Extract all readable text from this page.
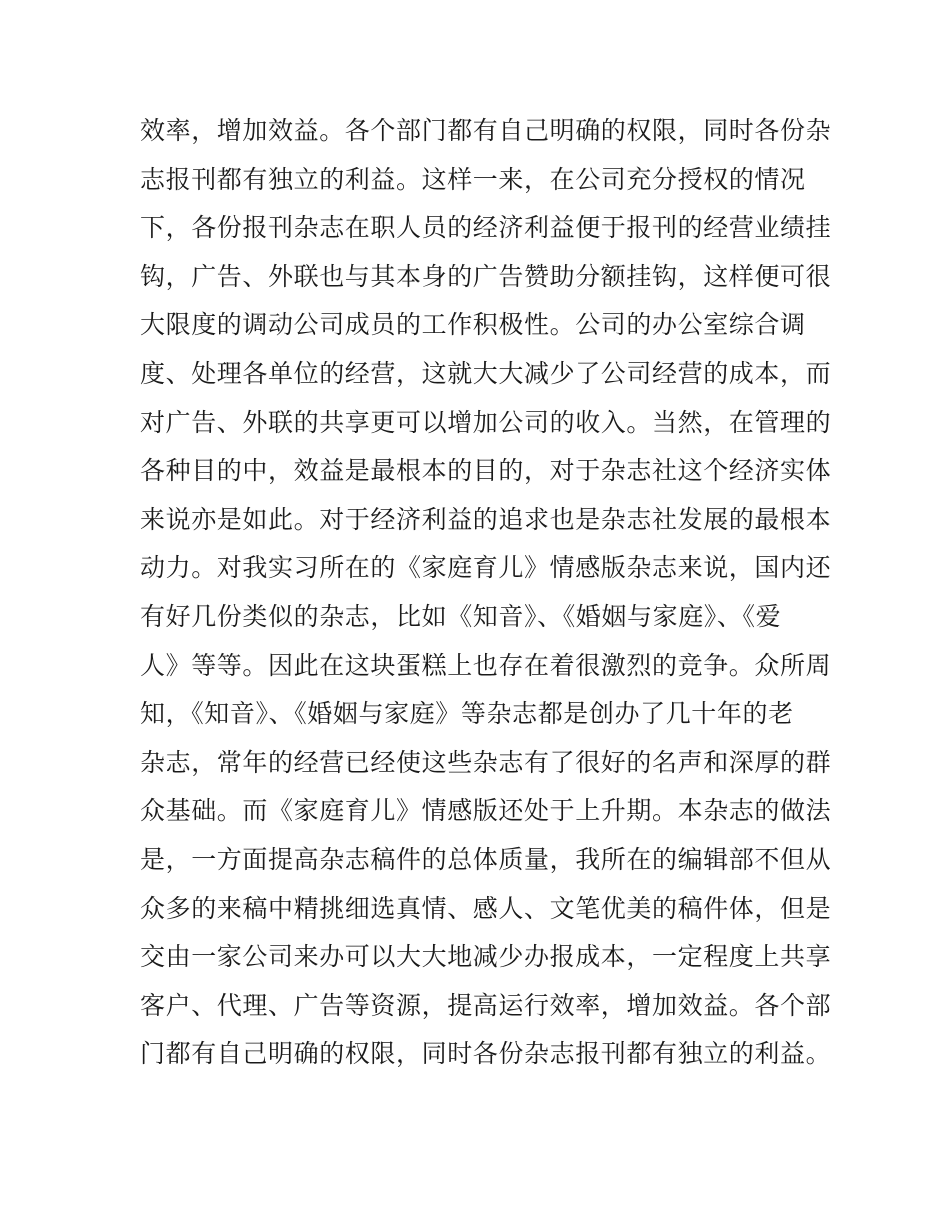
效率，增加效益。各个部门都有自己明确的权限，同时各份杂
志报刊都有独立的利益。这样一来，在公司充分授权的情况
下，各份报刊杂志在职人员的经济利益便于报刊的经营业绩挂
钩，广告、外联也与其本身的广告赞助分额挂钩，这样便可很
大限度的调动公司成员的工作积极性。公司的办公室综合调
度、处理各单位的经营，这就大大减少了公司经营的成本，而
对广告、外联的共享更可以增加公司的收入。当然，在管理的
各种目的中，效益是最根本的目的，对于杂志社这个经济实体
来说亦是如此。对于经济利益的追求也是杂志社发展的最根本
动力。对我实习所在的《家庭育儿》情感版杂志来说，国内还
有好几份类似的杂志，比如《知音》、《婚姻与家庭》、《爱
人》等等。因此在这块蛋糕上也存在着很激烈的竞争。众所周
知，《知音》、《婚姻与家庭》等杂志都是创办了几十年的老
杂志，常年的经营已经使这些杂志有了很好的名声和深厚的群
众基础。而《家庭育儿》情感版还处于上升期。本杂志的做法
是，一方面提高杂志稿件的总体质量，我所在的编辑部不但从
众多的来稿中精挑细选真情、感人、文笔优美的稿件体，但是
交由一家公司来办可以大大地减少办报成本，一定程度上共享
客户、代理、广告等资源，提高运行效率，增加效益。各个部
门都有自己明确的权限，同时各份杂志报刊都有独立的利益。
